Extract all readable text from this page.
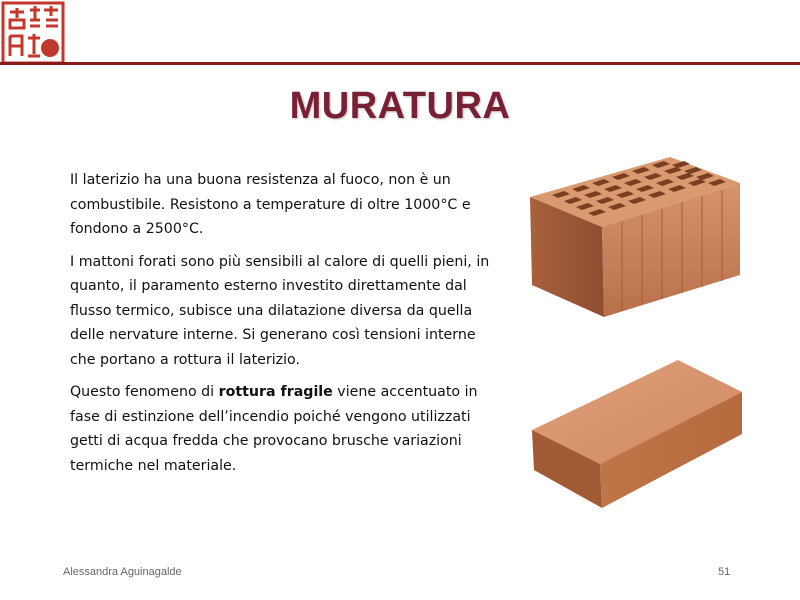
MURATURA

Il laterizio ha una buona resistenza al fuoco, non è un combustibile. Resistono a temperature di oltre 1000°C e fondono a 2500°C.

I mattoni forati sono più sensibili al calore di quelli pieni, in quanto, il paramento esterno investito direttamente dal flusso termico, subisce una dilatazione diversa da quella delle nervature interne. Si generano così tensioni interne che portano a rottura il laterizio.

Questo fenomeno di rottura fragile viene accentuato in fase di estinzione dell’incendio poiché vengono utilizzati getti di acqua fredda che provocano brusche variazioni termiche nel materiale.

Alessandra Aguinagalde	51
